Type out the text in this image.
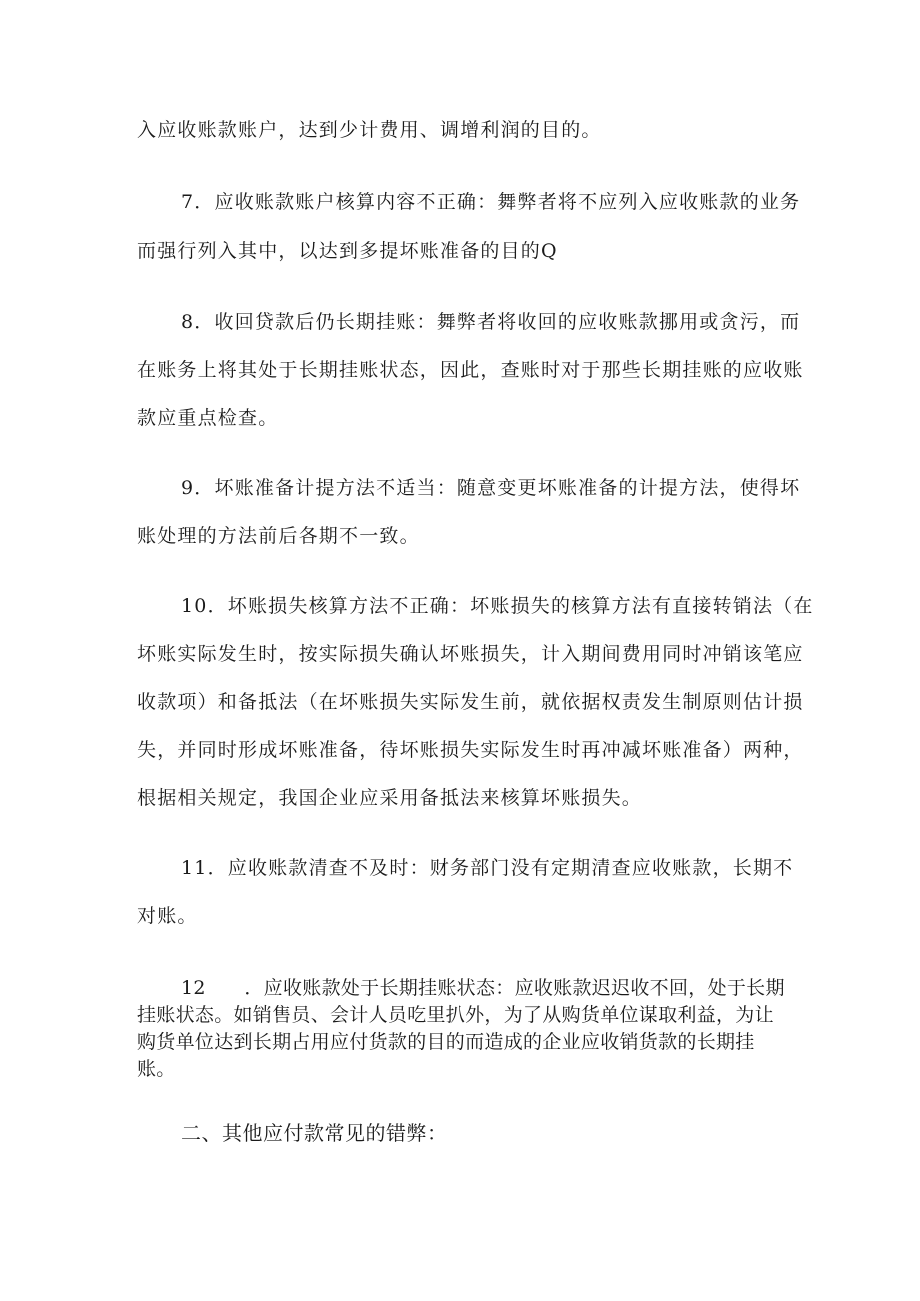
入应收账款账户，达到少计费用、调增利润的目的。
7．应收账款账户核算内容不正确：舞弊者将不应列入应收账款的业务
而强行列入其中，以达到多提坏账准备的目的Q
8．收回贷款后仍长期挂账：舞弊者将收回的应收账款挪用或贪污，而
在账务上将其处于长期挂账状态，因此，查账时对于那些长期挂账的应收账
款应重点检查。
9．坏账准备计提方法不适当：随意变更坏账准备的计提方法，使得坏
账处理的方法前后各期不一致。
10．坏账损失核算方法不正确：坏账损失的核算方法有直接转销法（在
坏账实际发生时，按实际损失确认坏账损失，计入期间费用同时冲销该笔应
收款项）和备抵法（在坏账损失实际发生前，就依据权责发生制原则估计损
失，并同时形成坏账准备，待坏账损失实际发生时再冲减坏账准备）两种，
根据相关规定，我国企业应采用备抵法来核算坏账损失。
11．应收账款清查不及时：财务部门没有定期清查应收账款，长期不
对账。
12　　．应收账款处于长期挂账状态：应收账款迟迟收不回，处于长期
挂账状态。如销售员、会计人员吃里扒外，为了从购货单位谋取利益，为让
购货单位达到长期占用应付货款的目的而造成的企业应收销货款的长期挂
账。
二、其他应付款常见的错弊：
